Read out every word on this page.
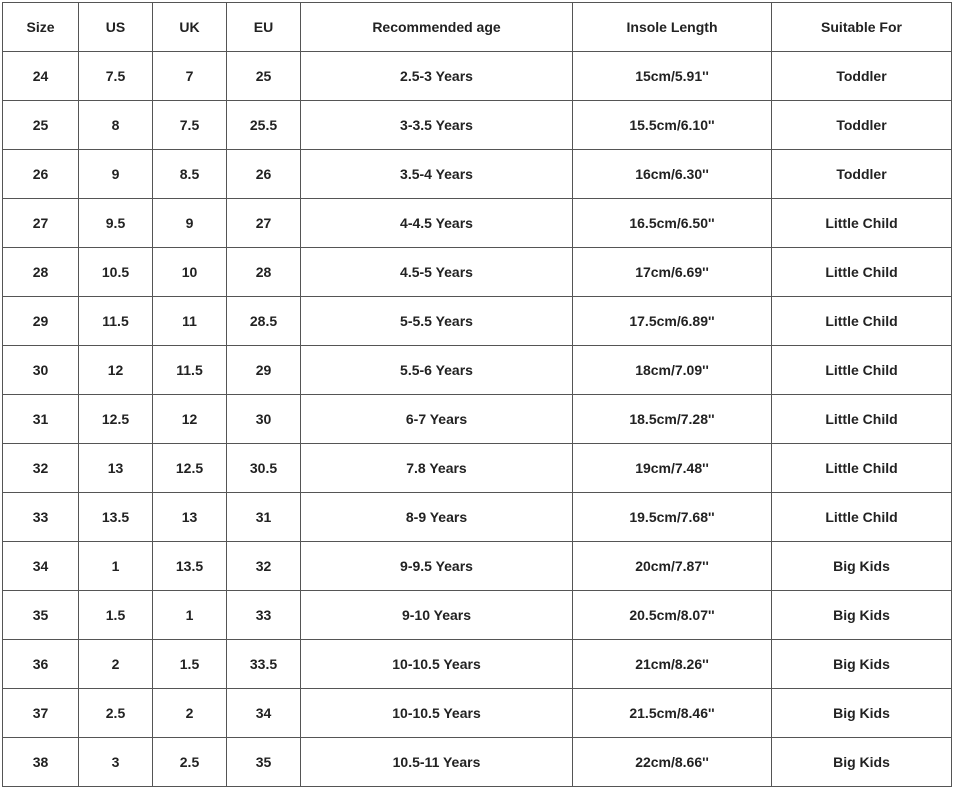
Size	US	UK	EU	Recommended age	Insole Length	Suitable For
24	7.5	7	25	2.5-3 Years	15cm/5.91''	Toddler
25	8	7.5	25.5	3-3.5 Years	15.5cm/6.10''	Toddler
26	9	8.5	26	3.5-4 Years	16cm/6.30''	Toddler
27	9.5	9	27	4-4.5 Years	16.5cm/6.50''	Little Child
28	10.5	10	28	4.5-5 Years	17cm/6.69''	Little Child
29	11.5	11	28.5	5-5.5 Years	17.5cm/6.89''	Little Child
30	12	11.5	29	5.5-6 Years	18cm/7.09''	Little Child
31	12.5	12	30	6-7 Years	18.5cm/7.28''	Little Child
32	13	12.5	30.5	7.8 Years	19cm/7.48''	Little Child
33	13.5	13	31	8-9 Years	19.5cm/7.68''	Little Child
34	1	13.5	32	9-9.5 Years	20cm/7.87''	Big Kids
35	1.5	1	33	9-10 Years	20.5cm/8.07''	Big Kids
36	2	1.5	33.5	10-10.5 Years	21cm/8.26''	Big Kids
37	2.5	2	34	10-10.5 Years	21.5cm/8.46''	Big Kids
38	3	2.5	35	10.5-11 Years	22cm/8.66''	Big Kids
